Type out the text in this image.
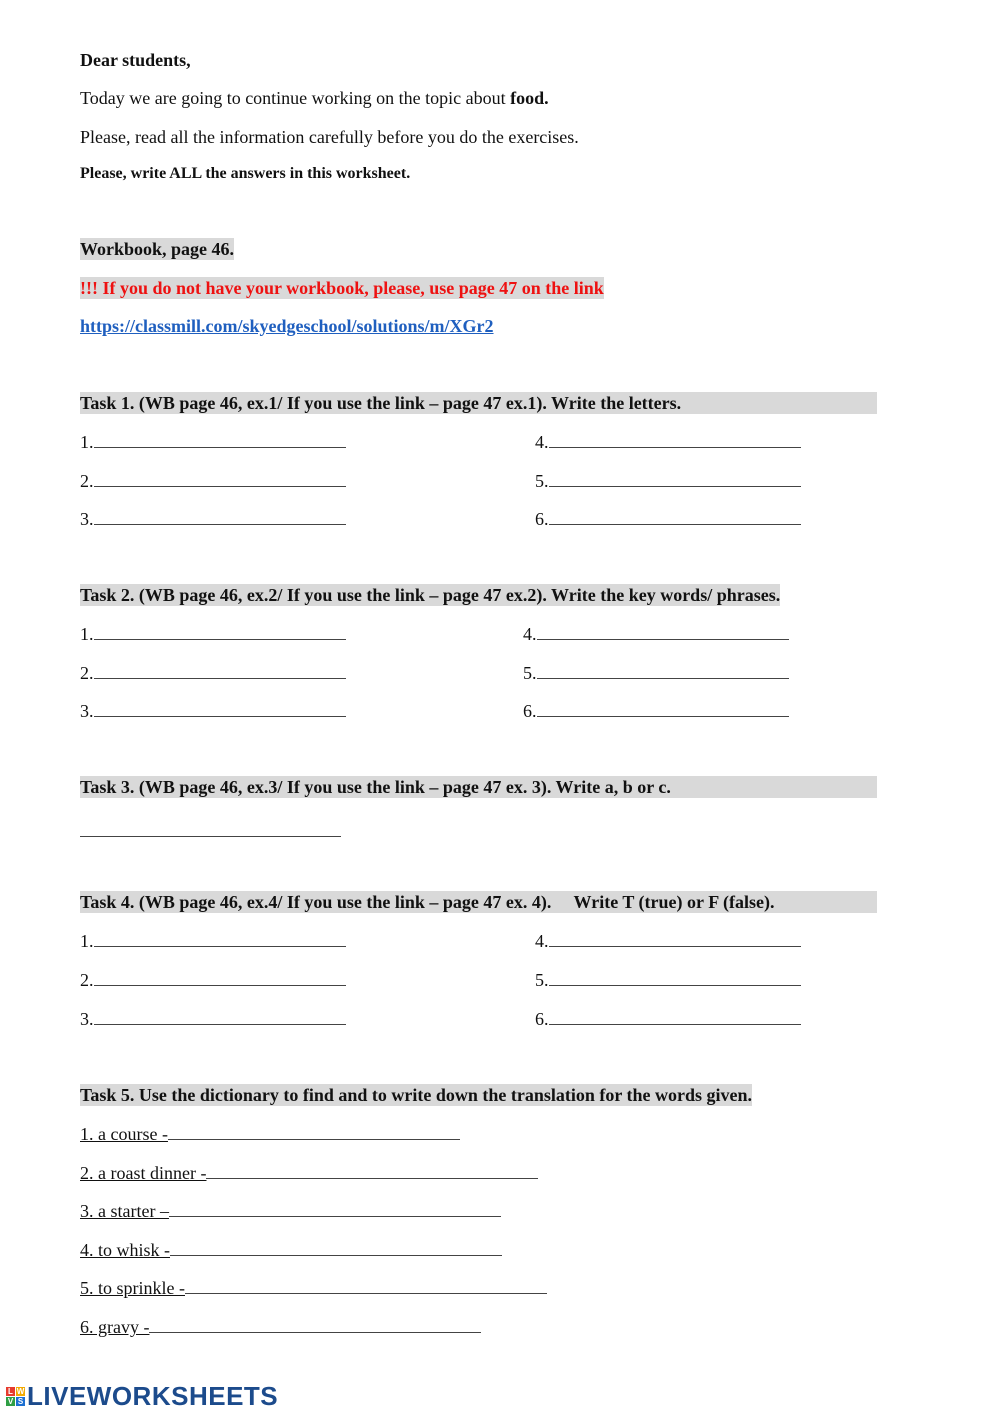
Dear students,
Today we are going to continue working on the topic about food.
Please, read all the information carefully before you do the exercises.
Please, write ALL the answers in this worksheet.
Workbook, page 46.
!!! If you do not have your workbook, please, use page 47 on the link
https://classmill.com/skyedgeschool/solutions/m/XGr2
Task 1. (WB page 46, ex.1/ If you use the link – page 47 ex.1). Write the letters.
1.
2.
3.
4.
5.
6.
Task 2. (WB page 46, ex.2/ If you use the link – page 47 ex.2). Write the key words/ phrases.
1.
2.
3.
4.
5.
6.
Task 3. (WB page 46, ex.3/ If you use the link – page 47 ex. 3). Write a, b or c.
Task 4. (WB page 46, ex.4/ If you use the link – page 47 ex. 4).     Write T (true) or F (false).
1.
2.
3.
4.
5.
6.
Task 5. Use the dictionary to find and to write down the translation for the words given.
1. a course -
2. a roast dinner -
3. a starter –
4. to whisk -
5. to sprinkle -
6. gravy -
L W
V S LIVEWORKSHEETS
